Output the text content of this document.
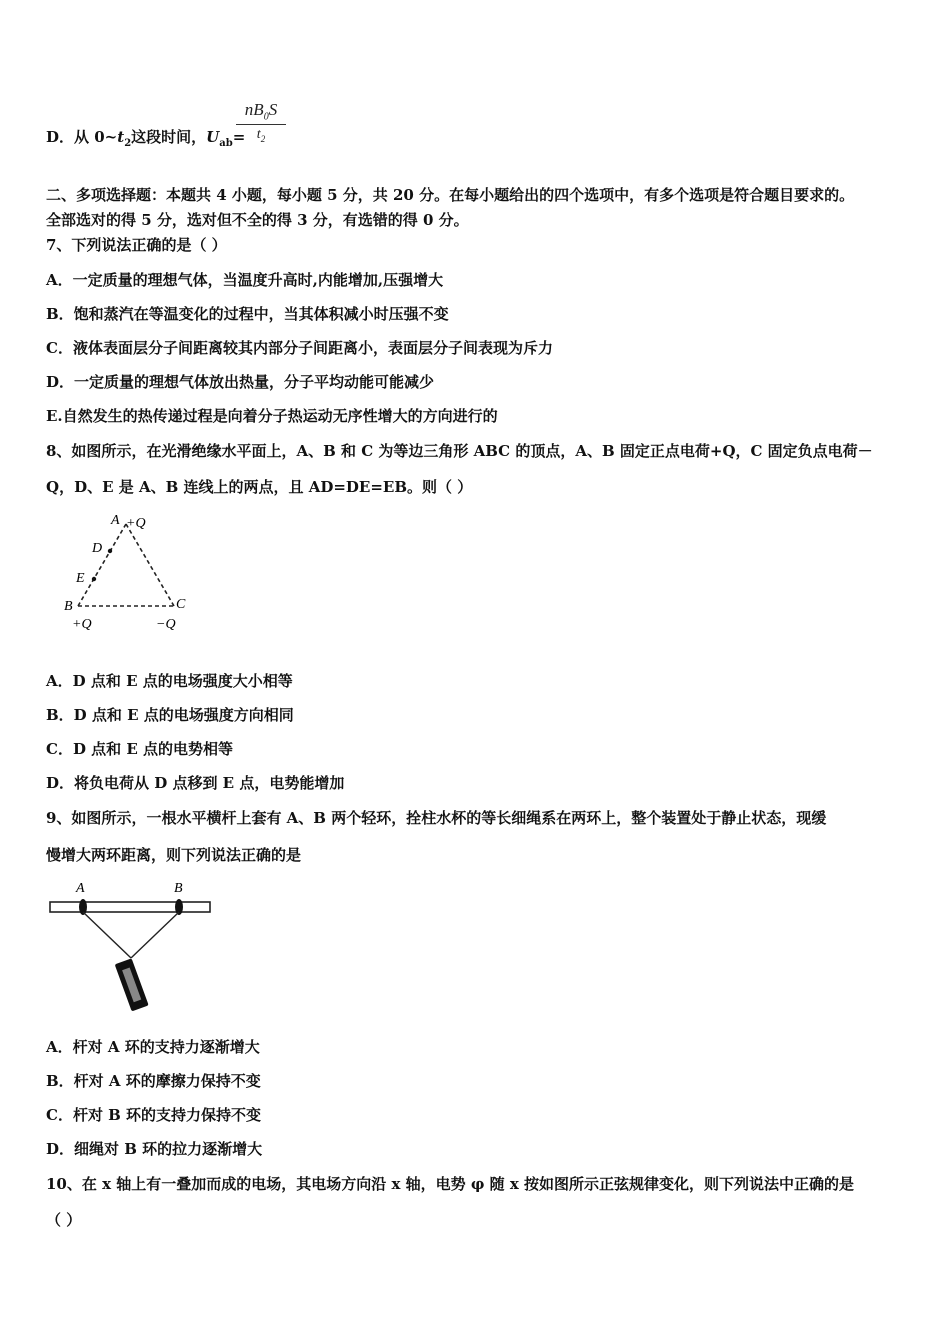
D．从 $0\sim t_2$这段时间，$U_{ab}=$
$nB_0S$
$t_2$
二、多项选择题：本题共 4 小题，每小题 5 分，共 20 分。在每小题给出的四个选项中，有多个选项是符合题目要求的。
全部选对的得 5 分，选对但不全的得 3 分，有选错的得 0 分。
7、下列说法正确的是（ ）
A．一定质量的理想气体，当温度升高时,内能增加,压强增大
B．饱和蒸汽在等温变化的过程中，当其体积减小时压强不变
C．液体表面层分子间距离较其内部分子间距离小，表面层分子间表现为斥力
D．一定质量的理想气体放出热量，分子平均动能可能减少
E.自然发生的热传递过程是向着分子热运动无序性增大的方向进行的
8、如图所示，在光滑绝缘水平面上，A、B 和 C 为等边三角形 ABC 的顶点，A、B 固定正点电荷+Q，C 固定负点电荷－
Q，D、E 是 A、B 连线上的两点，且 AD=DE=EB。则（ ）
A +Q
D
E
B	C
+Q	−Q
A．D 点和 E 点的电场强度大小相等
B．D 点和 E 点的电场强度方向相同
C．D 点和 E 点的电势相等
D．将负电荷从 D 点移到 E 点，电势能增加
9、如图所示，一根水平横杆上套有 A、B 两个轻环，拴柱水杯的等长细绳系在两环上，整个装置处于静止状态，现缓
慢增大两环距离，则下列说法正确的是
A	B
A．杆对 A 环的支持力逐渐增大
B．杆对 A 环的摩擦力保持不变
C．杆对 B 环的支持力保持不变
D．细绳对 B 环的拉力逐渐增大
10、在 x 轴上有一叠加而成的电场，其电场方向沿 x 轴，电势 φ 随 x 按如图所示正弦规律变化，则下列说法中正确的是
（ ）
